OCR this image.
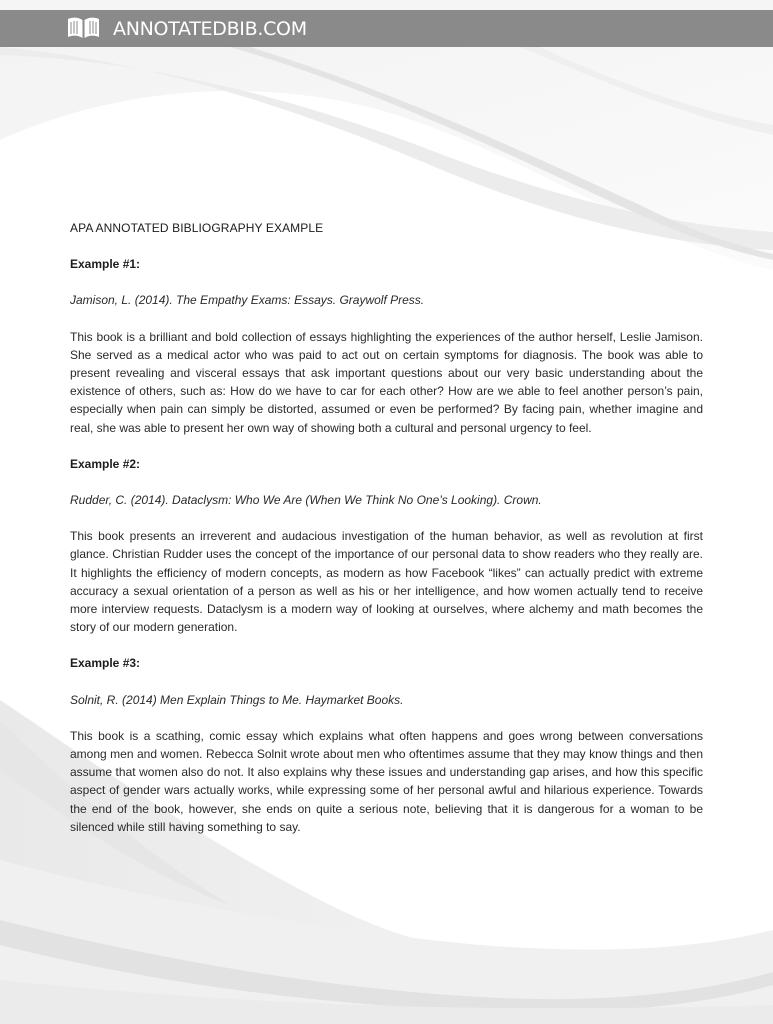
ANNOTATEDBIB.COM
APA ANNOTATED BIBLIOGRAPHY EXAMPLE
Example #1:

Jamison, L. (2014). The Empathy Exams: Essays. Graywolf Press.

This book is a brilliant and bold collection of essays highlighting the experiences of the author herself, Leslie Jamison. She served as a medical actor who was paid to act out on certain symptoms for diagnosis. The book was able to present revealing and visceral essays that ask important questions about our very basic understanding about the existence of others, such as: How do we have to car for each other? How are we able to feel another person’s pain, especially when pain can simply be distorted, assumed or even be performed? By facing pain, whether imagine and real, she was able to present her own way of showing both a cultural and personal urgency to feel.

Example #2:

Rudder, C. (2014). Dataclysm: Who We Are (When We Think No One’s Looking). Crown.

This book presents an irreverent and audacious investigation of the human behavior, as well as revolution at first glance. Christian Rudder uses the concept of the importance of our personal data to show readers who they really are. It highlights the efficiency of modern concepts, as modern as how Facebook “likes” can actually predict with extreme accuracy a sexual orientation of a person as well as his or her intelligence, and how women actually tend to receive more interview requests. Dataclysm is a modern way of looking at ourselves, where alchemy and math becomes the story of our modern generation.

Example #3:

Solnit, R. (2014) Men Explain Things to Me. Haymarket Books.

This book is a scathing, comic essay which explains what often happens and goes wrong between conversations among men and women. Rebecca Solnit wrote about men who oftentimes assume that they may know things and then assume that women also do not. It also explains why these issues and understanding gap arises, and how this specific aspect of gender wars actually works, while expressing some of her personal awful and hilarious experience. Towards the end of the book, however, she ends on quite a serious note, believing that it is dangerous for a woman to be silenced while still having something to say.
